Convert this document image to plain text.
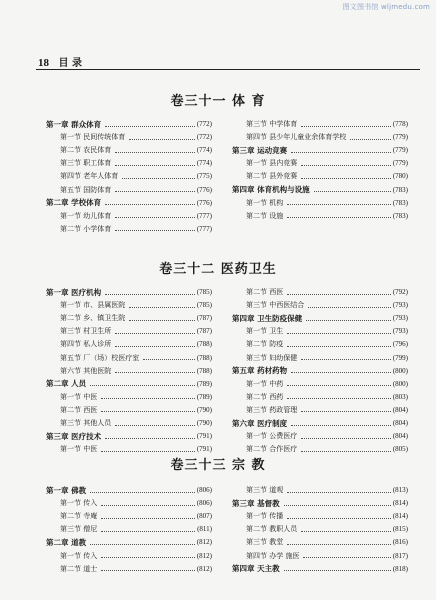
图文图书馆 wljmedu.com
18 目 录
卷三十一 体 育
卷三十二 医药卫生
卷三十三 宗 教
第一章 群众体育	(772)
第一节 民间传统体育	(772)
第二节 农民体育	(774)
第三节 职工体育	(774)
第四节 老年人体育	(775)
第五节 国防体育	(776)
第二章 学校体育	(776)
第一节 幼儿体育	(777)
第二节 小学体育	(777)
第三节 中学体育	(778)
第四节 县少年儿童业余体育学校	(779)
第三章 运动竞赛	(779)
第一节 县内竞赛	(779)
第二节 县外竞赛	(780)
第四章 体育机构与设施	(783)
第一节 机构	(783)
第二节 设施	(783)
第一章 医疗机构	(785)
第一节 市、县属医院	(785)
第二节 乡、镇卫生院	(787)
第三节 村卫生所	(787)
第四节 私人诊所	(788)
第五节 厂（场）校医疗室	(788)
第六节 其他医院	(788)
第二章 人员	(789)
第一节 中医	(789)
第二节 西医	(790)
第三节 其他人员	(790)
第三章 医疗技术	(791)
第一节 中医	(791)
第二节 西医	(792)
第三节 中西医结合	(793)
第四章 卫生防疫保健	(793)
第一节 卫生	(793)
第二节 防疫	(796)
第三节 妇幼保健	(799)
第五章 药材药物	(800)
第一节 中药	(800)
第二节 西药	(803)
第三节 药政管理	(804)
第六章 医疗制度	(804)
第一节 公费医疗	(804)
第二节 合作医疗	(805)
第一章 佛教	(806)
第一节 传入	(806)
第二节 寺庵	(807)
第三节 僧尼	(811)
第二章 道教	(812)
第一节 传入	(812)
第二节 道士	(812)
第三节 道观	(813)
第三章 基督教	(814)
第一节 传播	(814)
第二节 教职人员	(815)
第三节 教堂	(816)
第四节 办学 施医	(817)
第四章 天主教	(818)
